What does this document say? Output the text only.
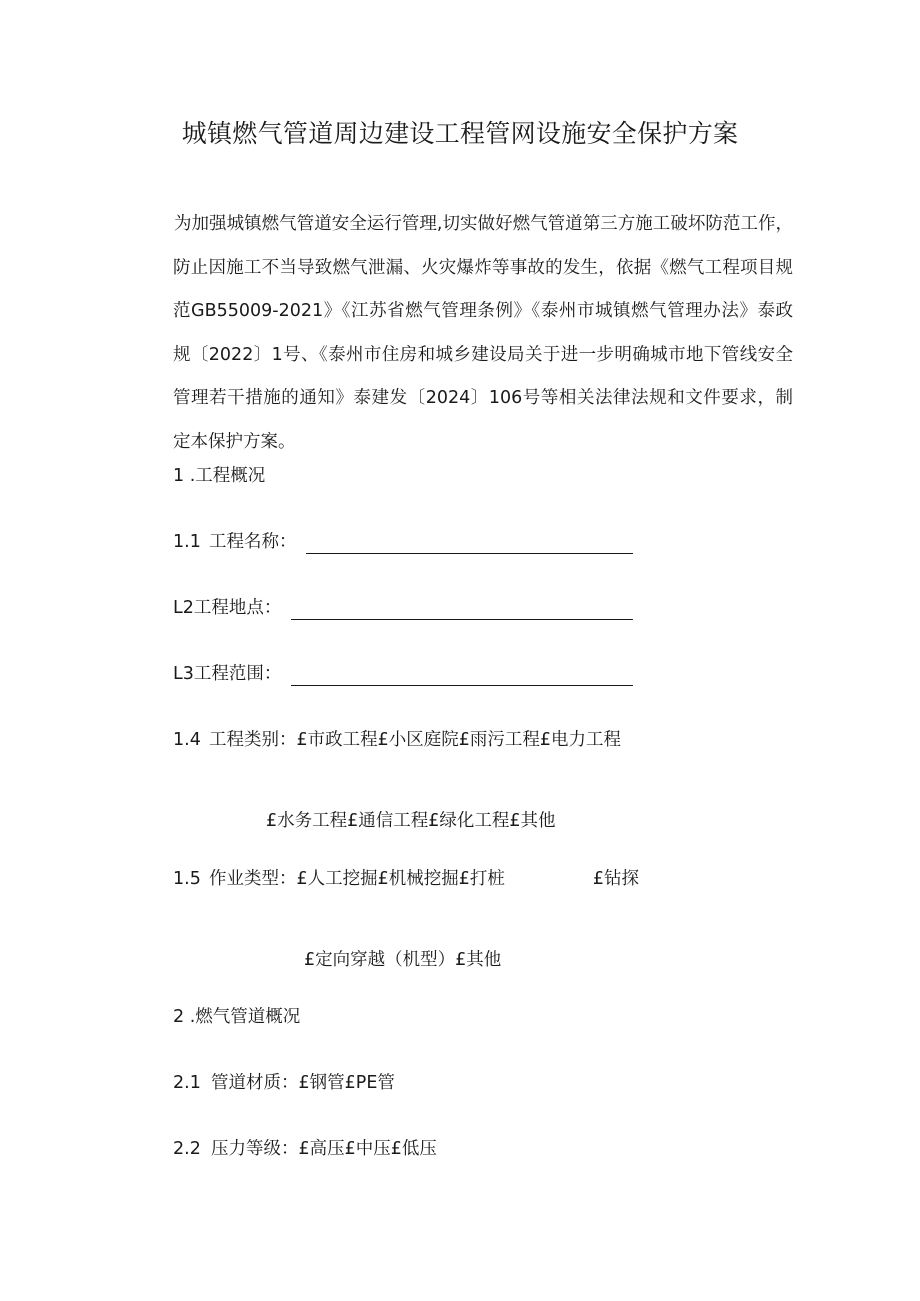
城镇燃气管道周边建设工程管网设施安全保护方案

为加强城镇燃气管道安全运行管理,切实做好燃气管道第三方施工破坏防范工作，防止因施工不当导致燃气泄漏、火灾爆炸等事故的发生，依据《燃气工程项目规范GB55009-2021》《江苏省燃气管理条例》《泰州市城镇燃气管理办法》泰政规〔2022〕1号、《泰州市住房和城乡建设局关于进一步明确城市地下管线安全管理若干措施的通知》泰建发〔2024〕106号等相关法律法规和文件要求，制定本保护方案。

1 .工程概况

1.1 工程名称：

L2工程地点：

L3工程范围：

1.4 工程类别：£市政工程£小区庭院£雨污工程£电力工程

£水务工程£通信工程£绿化工程£其他

1.5 作业类型：£人工挖掘£机械挖掘£打桩	£钻探

£定向穿越（机型）£其他

2 .燃气管道概况

2.1 管道材质：£钢管£PE管

2.2 压力等级：£高压£中压£低压
